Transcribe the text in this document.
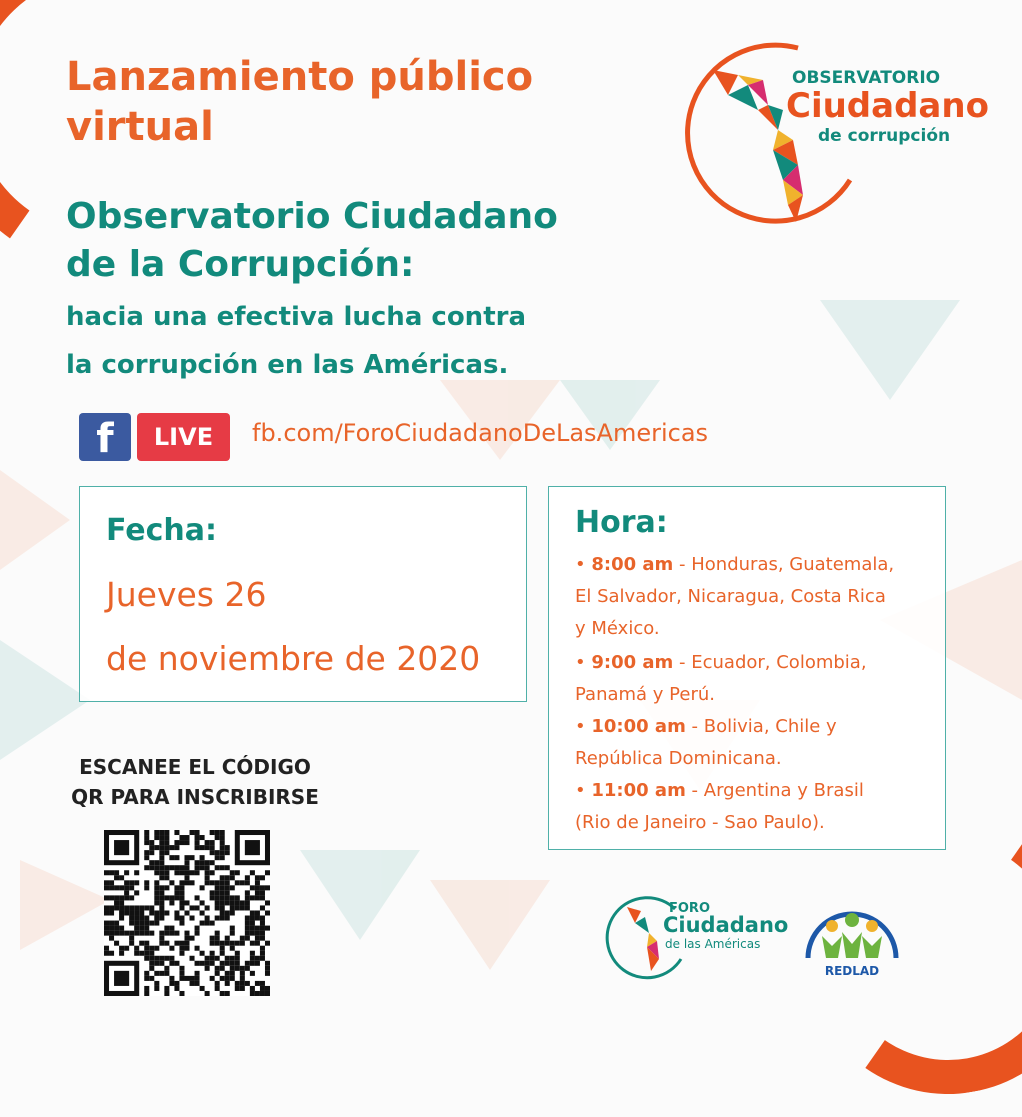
Lanzamiento público
virtual
Observatorio Ciudadano
de la Corrupción:
hacia una efectiva lucha contra
la corrupción en las Américas.
OBSERVATORIO
Ciudadano
de corrupción
f	LIVE	fb.com/ForoCiudadanoDeLasAmericas
Fecha:
Jueves 26
de noviembre de 2020
Hora:
• 8:00 am - Honduras, Guatemala,
El Salvador, Nicaragua, Costa Rica
y México.
• 9:00 am - Ecuador, Colombia,
Panamá y Perú.
• 10:00 am - Bolivia, Chile y
República Dominicana.
• 11:00 am - Argentina y Brasil
(Rio de Janeiro - Sao Paulo).
ESCANEE EL CÓDIGO
QR PARA INSCRIBIRSE
FORO
Ciudadano
de las Américas
REDLAD
